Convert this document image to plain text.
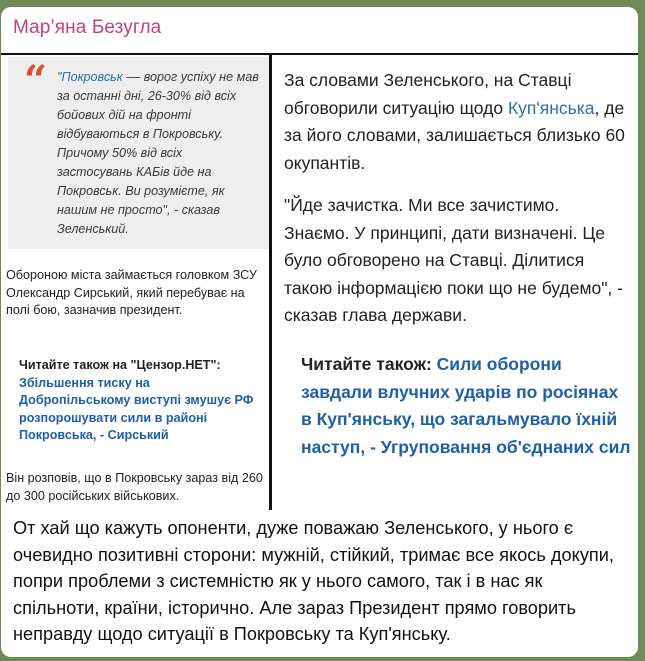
Мар’яна Безугла
“ "Покровськ –– ворог успіху не мав за останні дні, 26-30% від всіх бойових дій на фронті відбуваються в Покровську. Причому 50% від всіх застосувань КАБів йде на Покровськ. Ви розумієте, як нашим не просто", - сказав Зеленський.
Обороною міста займається головком ЗСУ Олександр Сирський, який перебуває на полі бою, зазначив президент.
Читайте також на "Цензор.НЕТ":
Збільшення тиску на Добропільському виступі змушує РФ розпорошувати сили в районі Покровська, - Сирський
Він розповів, що в Покровську зараз від 260 до 300 російських військових.
За словами Зеленського, на Ставці обговорили ситуацію щодо Куп'янська, де за його словами, залишається близько 60 окупантів.
"Йде зачистка. Ми все зачистимо. Знаємо. У принципі, дати визначені. Це було обговорено на Ставці. Ділитися такою інформацією поки що не будемо", - сказав глава держави.
Читайте також: Сили оборони завдали влучних ударів по росіянах в Куп'янську, що загальмувало їхній наступ, - Угруповання об'єднаних сил
От хай що кажуть опоненти, дуже поважаю Зеленського, у нього є очевидно позитивні сторони: мужній, стійкий, тримає все якось докупи, попри проблеми з системністю як у нього самого, так і в нас як спільноти, країни, історично. Але зараз Президент прямо говорить неправду щодо ситуації в Покровську та Куп'янську.
